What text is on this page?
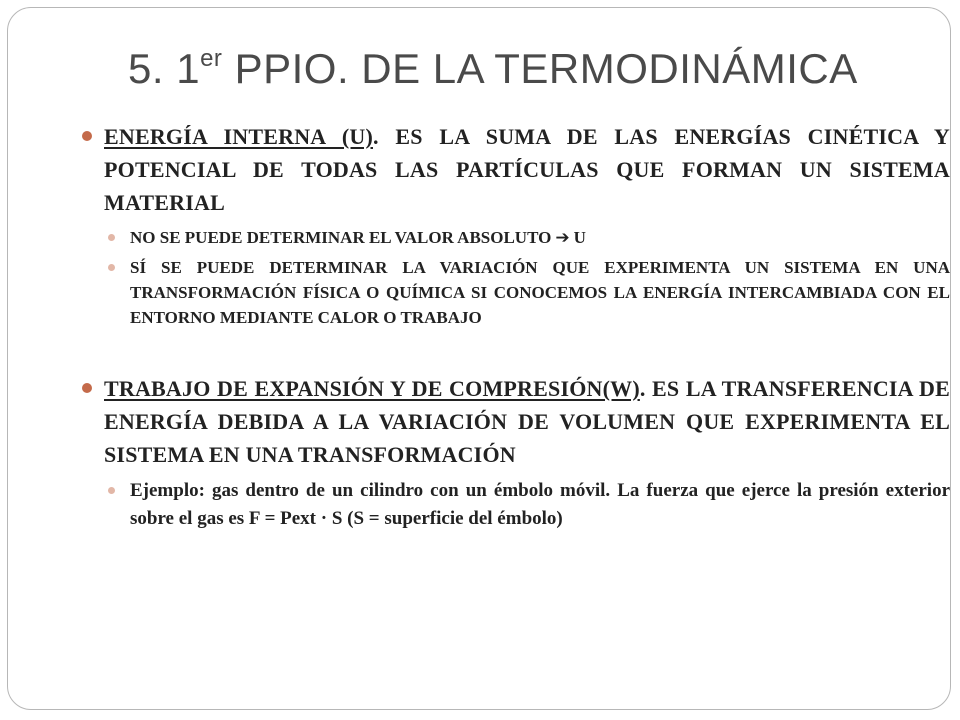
5. 1er PPIO. DE LA TERMODINÁMICA
ENERGÍA INTERNA (U). ES LA SUMA DE LAS ENERGÍAS CINÉTICA Y POTENCIAL DE TODAS LAS PARTÍCULAS QUE FORMAN UN SISTEMA MATERIAL
NO SE PUEDE DETERMINAR EL VALOR ABSOLUTO ➔ U
SÍ SE PUEDE DETERMINAR LA VARIACIÓN QUE EXPERIMENTA UN SISTEMA EN UNA TRANSFORMACIÓN FÍSICA O QUÍMICA SI CONOCEMOS LA ENERGÍA INTERCAMBIADA CON EL ENTORNO MEDIANTE CALOR O TRABAJO
TRABAJO DE EXPANSIÓN Y DE COMPRESIÓN(W). ES LA TRANSFERENCIA DE ENERGÍA DEBIDA A LA VARIACIÓN DE VOLUMEN QUE EXPERIMENTA EL SISTEMA EN UNA TRANSFORMACIÓN
Ejemplo: gas dentro de un cilindro con un émbolo móvil. La fuerza que ejerce la presión exterior sobre el gas es F = Pext · S (S = superficie del émbolo)
